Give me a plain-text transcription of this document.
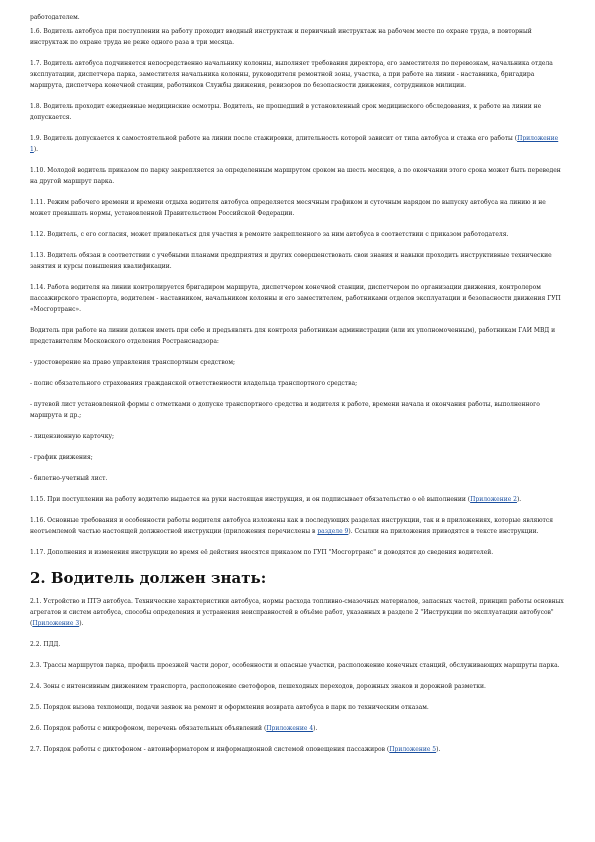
работодателем.

1.6. Водитель автобуса при поступлении на работу проходит вводный инструктаж и первичный инструктаж на рабочем месте по охране труда, в повторный инструктаж по охране труда не реже одного раза в три месяца.

1.7. Водитель автобуса подчиняется непосредственно начальнику колонны, выполняет требования директора, его заместителя по перевозкам, начальника отдела эксплуатации, диспетчера парка, заместителя начальника колонны, руководителя ремонтной зоны, участка, а при работе на линии - наставника, бригадира маршрута, диспетчера конечной станции, работников Службы движения, ревизоров по безопасности движения, сотрудников милиции.

1.8. Водитель проходит ежедневные медицинские осмотры. Водитель, не прошедший в установленный срок медицинского обследования, к работе на линии не допускается.

1.9. Водитель допускается к самостоятельной работе на линии после стажировки, длительность которой зависит от типа автобуса и стажа его работы (Приложение 1).

1.10. Молодой водитель приказом по парку закрепляется за определенным маршрутом сроком на шесть месяцев, а по окончании этого срока может быть переведен на другой маршрут парка.

1.11. Режим рабочего времени и времени отдыха водителя автобуса определяется месячным графиком и суточным нарядом по выпуску автобуса на линию и не может превышать нормы, установленной Правительством Российской Федерации.

1.12. Водитель, с его согласия, может привлекаться для участия в ремонте закрепленного за ним автобуса в соответствии с приказом работодателя.

1.13. Водитель обязан в соответствии с учебными планами предприятия и других совершенствовать свои знания и навыки проходить инструктивные технические занятия и курсы повышения квалификации.

1.14. Работа водителя на линии контролируется бригадиром маршрута, диспетчером конечной станции, диспетчером по организации движения, контролером пассажирского транспорта, водителем - наставником, начальником колонны и его заместителем, работниками отделов эксплуатации и безопасности движения ГУП «Мосгортранс».

Водитель при работе на линии должен иметь при себе и предъявлять для контроля работникам администрации (или их уполномоченным), работникам ГАИ МВД и представителям Московского отделения Ространснадзора:

- удостоверение на право управления транспортным средством;

- полис обязательного страхования гражданской ответственности владельца транспортного средства;

- путевой лист установленной формы с отметками о допуске транспортного средства и водителя к работе, времени начала и окончания работы, выполненного маршрута и др.;

- лицензионную карточку;

- график движения;

- билетно-учетный лист.

1.15. При поступлении на работу водителю выдается на руки настоящая инструкция, и он подписывает обязательство о её выполнении (Приложение 2).

1.16. Основные требования и особенности работы водителя автобуса изложены как в последующих разделах инструкции, так и в приложениях, которые являются неотъемлемой частью настоящей должностной инструкции (приложения перечислены в разделе 9). Ссылки на приложения приводятся в тексте инструкции.

1.17. Дополнения и изменения инструкции во время её действия вносятся приказом по ГУП "Мосгортранс" и доводятся до сведения водителей.

2. Водитель должен знать:

2.1. Устройство и ПТЭ автобуса. Технические характеристики автобуса, нормы расхода топливно-смазочных материалов, запасных частей, принцип работы основных агрегатов и систем автобуса, способы определения и устранения неисправностей в объёме работ, указанных в разделе 2 "Инструкции по эксплуатации автобусов" (Приложение 3).

2.2. ПДД.

2.3. Трассы маршрутов парка, профиль проезжей части дорог, особенности и опасные участки, расположение конечных станций, обслуживающих маршруты парка.

2.4. Зоны с интенсивным движением транспорта, расположение светофоров, пешеходных переходов, дорожных знаков и дорожной разметки.

2.5. Порядок вызова техпомощи, подачи заявок на ремонт и оформления возврата автобуса в парк по техническим отказам.

2.6. Порядок работы с микрофоном, перечень обязательных объявлений (Приложение 4).

2.7. Порядок работы с диктофоном - автоинформатором и информационной системой оповещения пассажиров (Приложение 5).
